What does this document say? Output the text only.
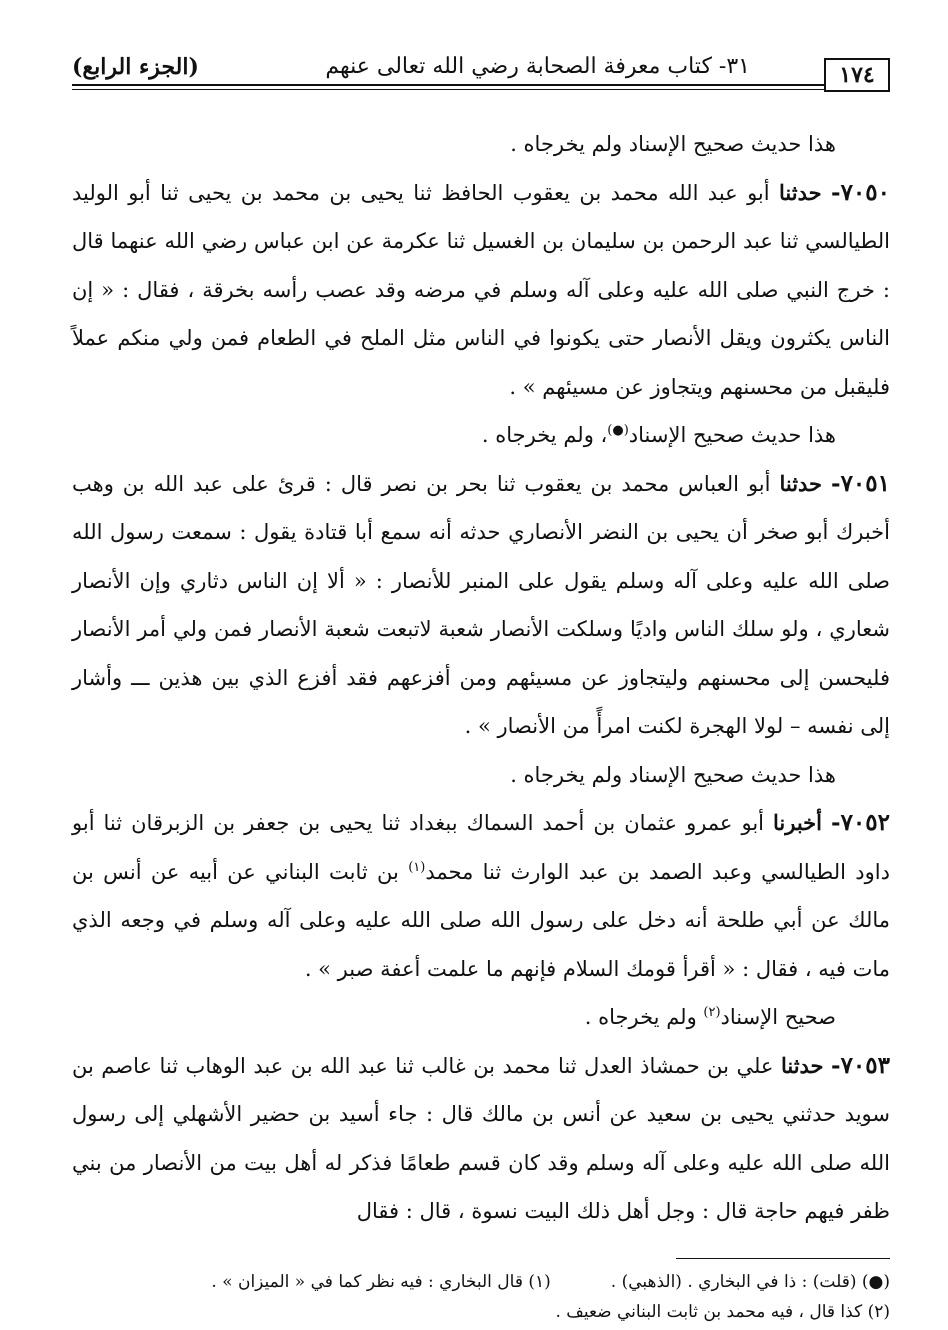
١٧٤
٣١- كتاب معرفة الصحابة رضي الله تعالى عنهم
(الجزء الرابع)

هذا حديث صحيح الإسناد ولم يخرجاه .

٧٠٥٠- حدثنا أبو عبد الله محمد بن يعقوب الحافظ ثنا يحيى بن محمد بن يحيى ثنا أبو الوليد الطيالسي ثنا عبد الرحمن بن سليمان بن الغسيل ثنا عكرمة عن ابن عباس رضي الله عنهما قال : خرج النبي صلى الله عليه وعلى آله وسلم في مرضه وقد عصب رأسه بخرقة ، فقال : « إن الناس يكثرون ويقل الأنصار حتى يكونوا في الناس مثل الملح في الطعام فمن ولي منكم عملاً فليقبل من محسنهم ويتجاوز عن مسيئهم » .

هذا حديث صحيح الإسناد(●)، ولم يخرجاه .

٧٠٥١- حدثنا أبو العباس محمد بن يعقوب ثنا بحر بن نصر قال : قرئ على عبد الله بن وهب أخبرك أبو صخر أن يحيى بن النضر الأنصاري حدثه أنه سمع أبا قتادة يقول : سمعت رسول الله صلى الله عليه وعلى آله وسلم يقول على المنبر للأنصار : « ألا إن الناس دثاري وإن الأنصار شعاري ، ولو سلك الناس واديًا وسلكت الأنصار شعبة لاتبعت شعبة الأنصار فمن ولي أمر الأنصار فليحسن إلى محسنهم وليتجاوز عن مسيئهم ومن أفزعهم فقد أفزع الذي بين هذين ـــ وأشار إلى نفسه – لولا الهجرة لكنت امرأً من الأنصار » .

هذا حديث صحيح الإسناد ولم يخرجاه .

٧٠٥٢- أخبرنا أبو عمرو عثمان بن أحمد السماك ببغداد ثنا يحيى بن جعفر بن الزبرقان ثنا أبو داود الطيالسي وعبد الصمد بن عبد الوارث ثنا محمد$^{(١)}$ بن ثابت البناني عن أبيه عن أنس بن مالك عن أبي طلحة أنه دخل على رسول الله صلى الله عليه وعلى آله وسلم في وجعه الذي مات فيه ، فقال : « أقرأ قومك السلام فإنهم ما علمت أعفة صبر » .

صحيح الإسناد$^{(٢)}$ ولم يخرجاه .

٧٠٥٣- حدثنا علي بن حمشاذ العدل ثنا محمد بن غالب ثنا عبد الله بن عبد الوهاب ثنا عاصم بن سويد حدثني يحيى بن سعيد عن أنس بن مالك قال : جاء أسيد بن حضير الأشهلي إلى رسول الله صلى الله عليه وعلى آله وسلم وقد كان قسم طعامًا فذكر له أهل بيت من الأنصار من بني ظفر فيهم حاجة قال : وجل أهل ذلك البيت نسوة ، قال : فقال

(●) (قلت) : ذا في البخاري . (الذهبي) .
(١) قال البخاري : فيه نظر كما في « الميزان » .
(٢) كذا قال ، فيه محمد بن ثابت البناني ضعيف .
